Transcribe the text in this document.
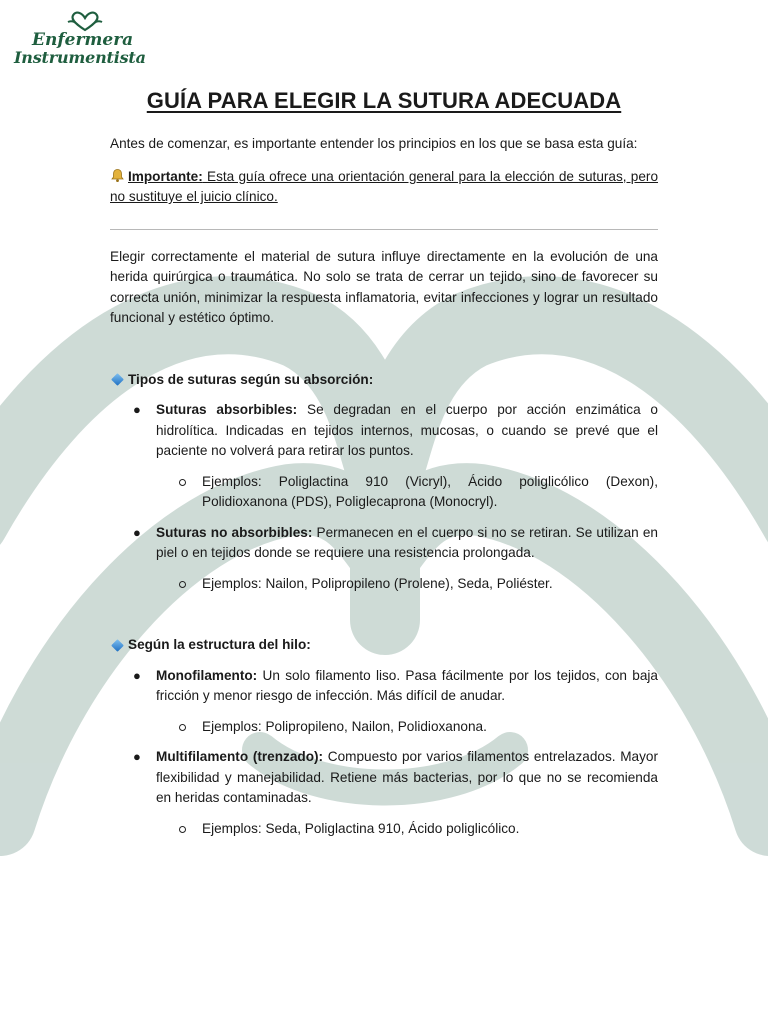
Enfermera
Instrumentista
GUÍA PARA ELEGIR LA SUTURA ADECUADA

Antes de comenzar, es importante entender los principios en los que se basa esta guía:

Importante: Esta guía ofrece una orientación general para la elección de suturas, pero no sustituye el juicio clínico.

Elegir correctamente el material de sutura influye directamente en la evolución de una herida quirúrgica o traumática. No solo se trata de cerrar un tejido, sino de favorecer su correcta unión, minimizar la respuesta inflamatoria, evitar infecciones y lograr un resultado funcional y estético óptimo.

Tipos de suturas según su absorción:
● Suturas absorbibles: Se degradan en el cuerpo por acción enzimática o hidrolítica. Indicadas en tejidos internos, mucosas, o cuando se prevé que el paciente no volverá para retirar los puntos.
Ejemplos: Poliglactina 910 (Vicryl), Ácido poliglicólico (Dexon), Polidioxanona (PDS), Poliglecaprona (Monocryl).
● Suturas no absorbibles: Permanecen en el cuerpo si no se retiran. Se utilizan en piel o en tejidos donde se requiere una resistencia prolongada.
Ejemplos: Nailon, Polipropileno (Prolene), Seda, Poliéster.
Según la estructura del hilo:
● Monofilamento: Un solo filamento liso. Pasa fácilmente por los tejidos, con baja fricción y menor riesgo de infección. Más difícil de anudar.
Ejemplos: Polipropileno, Nailon, Polidioxanona.
● Multifilamento (trenzado): Compuesto por varios filamentos entrelazados. Mayor flexibilidad y manejabilidad. Retiene más bacterias, por lo que no se recomienda en heridas contaminadas.
Ejemplos: Seda, Poliglactina 910, Ácido poliglicólico.
